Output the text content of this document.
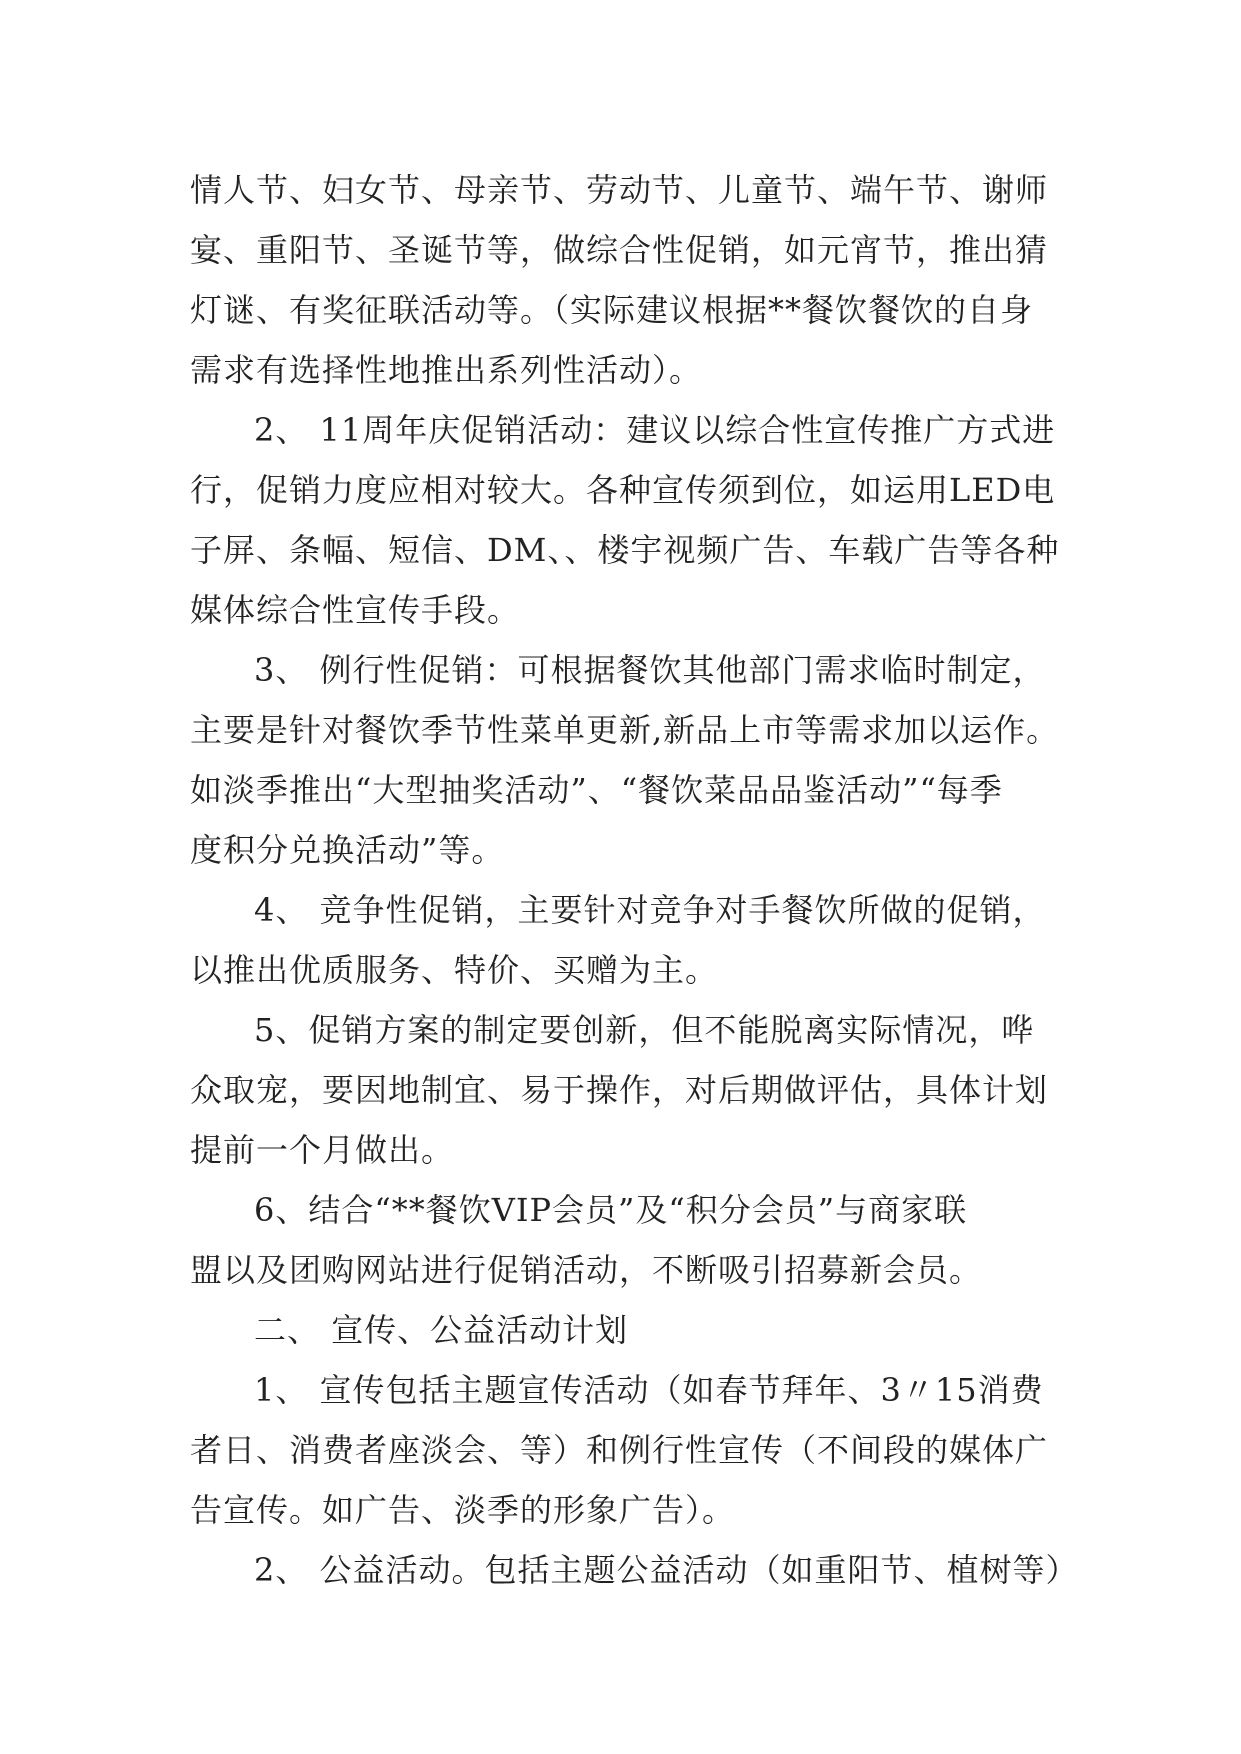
情人节、妇女节、母亲节、劳动节、儿童节、端午节、谢师
宴、重阳节、圣诞节等，做综合性促销，如元宵节，推出猜
灯谜、有奖征联活动等。（实际建议根据**餐饮餐饮的自身
需求有选择性地推出系列性活动）。
2、 11周年庆促销活动：建议以综合性宣传推广方式进
行，促销力度应相对较大。各种宣传须到位，如运用LED电
子屏、条幅、短信、DM、、楼宇视频广告、车载广告等各种
媒体综合性宣传手段。
3、 例行性促销：可根据餐饮其他部门需求临时制定，
主要是针对餐饮季节性菜单更新,新品上市等需求加以运作。
如淡季推出“大型抽奖活动”、“餐饮菜品品鉴活动”“每季
度积分兑换活动”等。
4、 竞争性促销，主要针对竞争对手餐饮所做的促销，
以推出优质服务、特价、买赠为主。
5、促销方案的制定要创新，但不能脱离实际情况，哗
众取宠，要因地制宜、易于操作，对后期做评估，具体计划
提前一个月做出。
6、结合“**餐饮VIP会员”及“积分会员”与商家联
盟以及团购网站进行促销活动，不断吸引招募新会员。
二、 宣传、公益活动计划
1、 宣传包括主题宣传活动（如春节拜年、3〃15消费
者日、消费者座淡会、等）和例行性宣传（不间段的媒体广
告宣传。如广告、淡季的形象广告）。
2、 公益活动。包括主题公益活动（如重阳节、植树等）
